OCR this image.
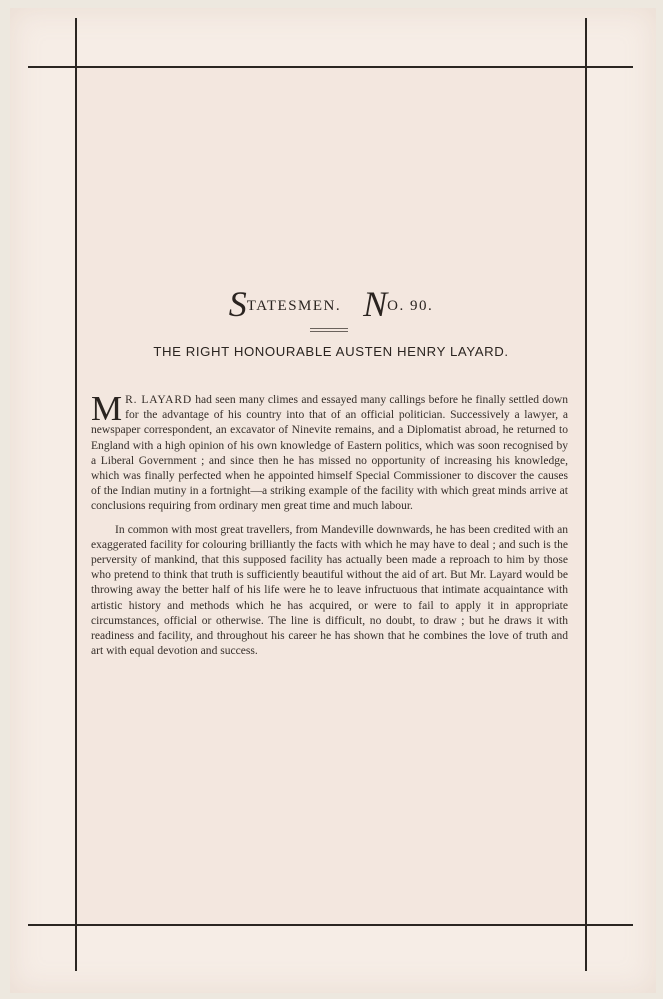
STATESMEN. NO. 90.
THE RIGHT HONOURABLE AUSTEN HENRY LAYARD.

M R. LAYARD had seen many climes and essayed many callings before he finally settled down for the advantage of his country into that of an official politician. Successively a lawyer, a newspaper correspondent, an excavator of Ninevite remains, and a Diplomatist abroad, he returned to England with a high opinion of his own knowledge of Eastern politics, which was soon recognised by a Liberal Government ; and since then he has missed no opportunity of increasing his knowledge, which was finally perfected when he appointed himself Special Commissioner to discover the causes of the Indian mutiny in a fortnight—a striking example of the facility with which great minds arrive at conclusions requiring from ordinary men great time and much labour.

In common with most great travellers, from Mandeville downwards, he has been credited with an exaggerated facility for colouring brilliantly the facts with which he may have to deal ; and such is the perversity of mankind, that this supposed facility has actually been made a reproach to him by those who pretend to think that truth is sufficiently beautiful without the aid of art. But Mr. Layard would be throwing away the better half of his life were he to leave infructuous that intimate acquaintance with artistic history and methods which he has acquired, or were to fail to apply it in appropriate circumstances, official or otherwise. The line is difficult, no doubt, to draw ; but he draws it with readiness and facility, and throughout his career he has shown that he combines the love of truth and art with equal devotion and success.
